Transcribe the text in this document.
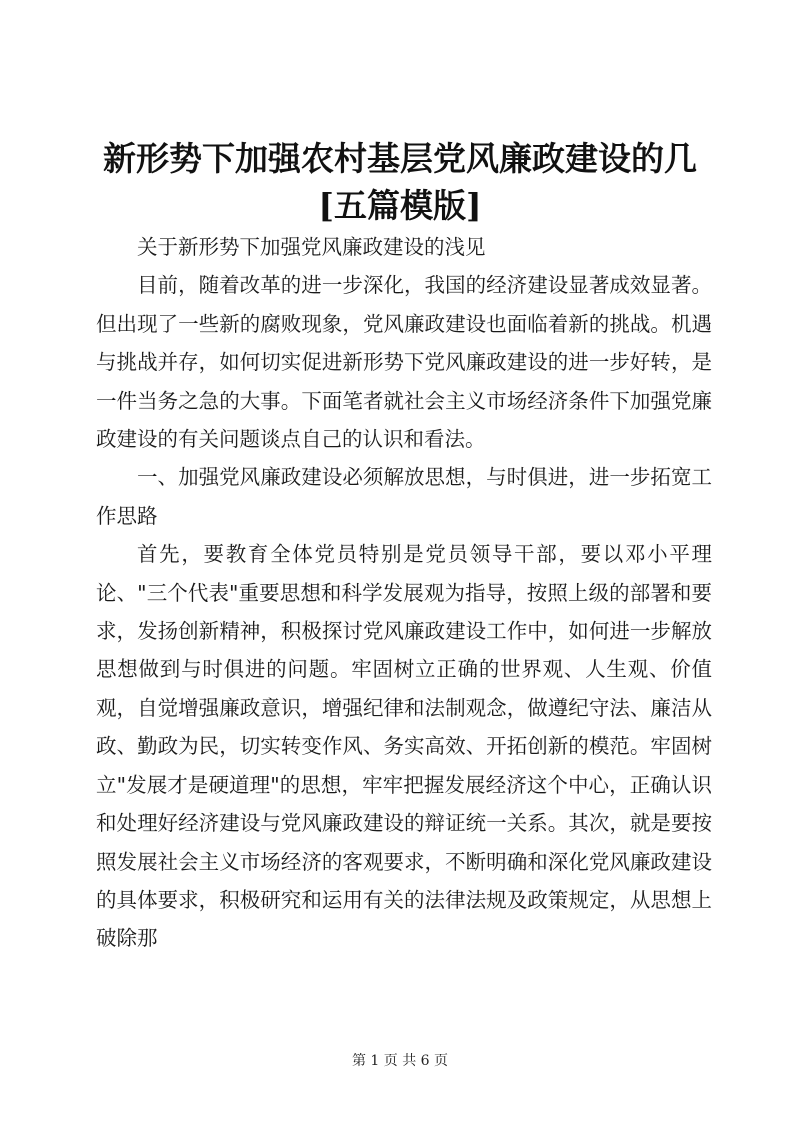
新形势下加强农村基层党风廉政建设的几[五篇模版]

关于新形势下加强党风廉政建设的浅见

目前，随着改革的进一步深化，我国的经济建设显著成效显著。但出现了一些新的腐败现象，党风廉政建设也面临着新的挑战。机遇与挑战并存，如何切实促进新形势下党风廉政建设的进一步好转，是一件当务之急的大事。下面笔者就社会主义市场经济条件下加强党廉政建设的有关问题谈点自己的认识和看法。

一、加强党风廉政建设必须解放思想，与时俱进，进一步拓宽工作思路

首先，要教育全体党员特别是党员领导干部，要以邓小平理论、"三个代表"重要思想和科学发展观为指导，按照上级的部署和要求，发扬创新精神，积极探讨党风廉政建设工作中，如何进一步解放思想做到与时俱进的问题。牢固树立正确的世界观、人生观、价值观，自觉增强廉政意识，增强纪律和法制观念，做遵纪守法、廉洁从政、勤政为民，切实转变作风、务实高效、开拓创新的模范。牢固树立"发展才是硬道理"的思想，牢牢把握发展经济这个中心，正确认识和处理好经济建设与党风廉政建设的辩证统一关系。其次，就是要按照发展社会主义市场经济的客观要求，不断明确和深化党风廉政建设的具体要求，积极研究和运用有关的法律法规及政策规定，从思想上破除那

第 1 页 共 6 页
